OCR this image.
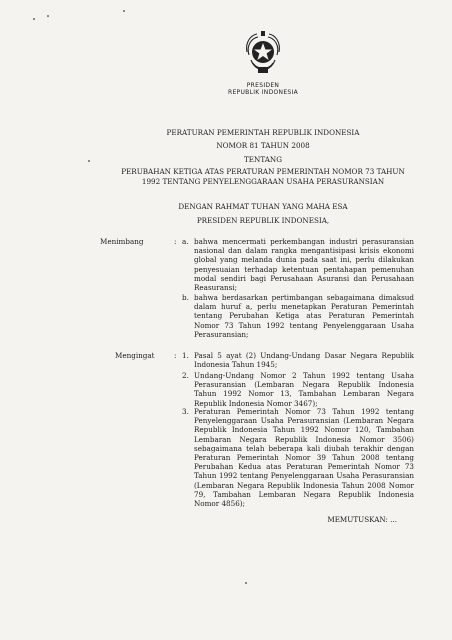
PRESIDEN
REPUBLIK INDONESIA
PERATURAN PEMERINTAH REPUBLIK INDONESIA
NOMOR 81 TAHUN 2008
TENTANG
PERUBAHAN KETIGA ATAS PERATURAN PEMERINTAH NOMOR 73 TAHUN
1992 TENTANG PENYELENGGARAAN USAHA PERASURANSIAN
DENGAN RAHMAT TUHAN YANG MAHA ESA
PRESIDEN REPUBLIK INDONESIA,
Menimbang	: a. bahwa mencermati perkembangan industri perasuransian nasional dan dalam rangka mengantisipasi krisis ekonomi global yang melanda dunia pada saat ini, perlu dilakukan penyesuaian terhadap ketentuan pentahapan pemenuhan modal sendiri bagi Perusahaan Asuransi dan Perusahaan Reasuransi;
b. bahwa berdasarkan pertimbangan sebagaimana dimaksud dalam huruf a, perlu menetapkan Peraturan Pemerintah tentang Perubahan Ketiga atas Peraturan Pemerintah Nomor 73 Tahun 1992 tentang Penyelenggaraan Usaha Perasuransian;
Mengingat	: 1. Pasal 5 ayat (2) Undang-Undang Dasar Negara Republik Indonesia Tahun 1945;
2. Undang-Undang Nomor 2 Tahun 1992 tentang Usaha Perasuransian (Lembaran Negara Republik Indonesia Tahun 1992 Nomor 13, Tambahan Lembaran Negara Republik Indonesia Nomor 3467);
3. Peraturan Pemerintah Nomor 73 Tahun 1992 tentang Penyelenggaraan Usaha Perasuransian (Lembaran Negara Republik Indonesia Tahun 1992 Nomor 120, Tambahan Lembaran Negara Republik Indonesia Nomor 3506) sebagaimana telah beberapa kali diubah terakhir dengan Peraturan Pemerintah Nomor 39 Tahun 2008 tentang Perubahan Kedua atas Peraturan Pemerintah Nomor 73 Tahun 1992 tentang Penyelenggaraan Usaha Perasuransian (Lembaran Negara Republik Indonesia Tahun 2008 Nomor 79, Tambahan Lembaran Negara Republik Indonesia Nomor 4856);
MEMUTUSKAN: ...
